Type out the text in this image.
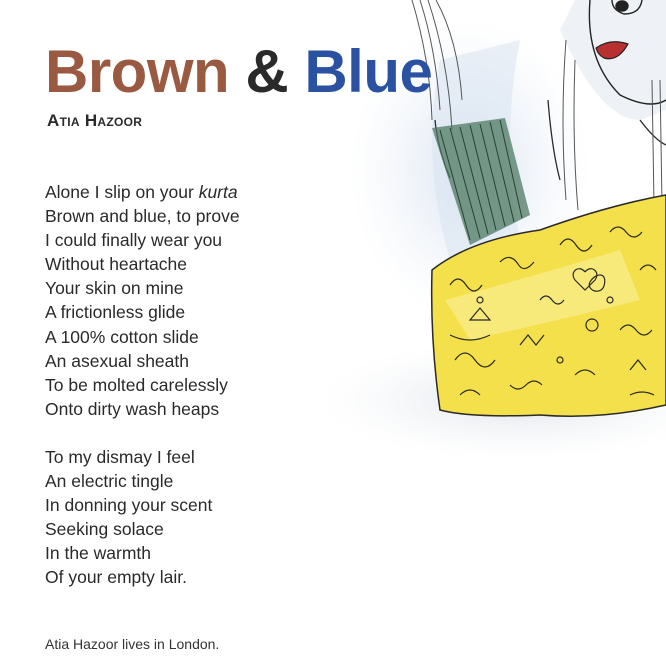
Brown & Blue
Atia Hazoor
Alone I slip on your kurta
Brown and blue, to prove
I could finally wear you
Without heartache
Your skin on mine
A frictionless glide
A 100% cotton slide
An asexual sheath
To be molted carelessly
Onto dirty wash heaps
To my dismay I feel
An electric tingle
In donning your scent
Seeking solace
In the warmth
Of your empty lair.
Atia Hazoor lives in London.
